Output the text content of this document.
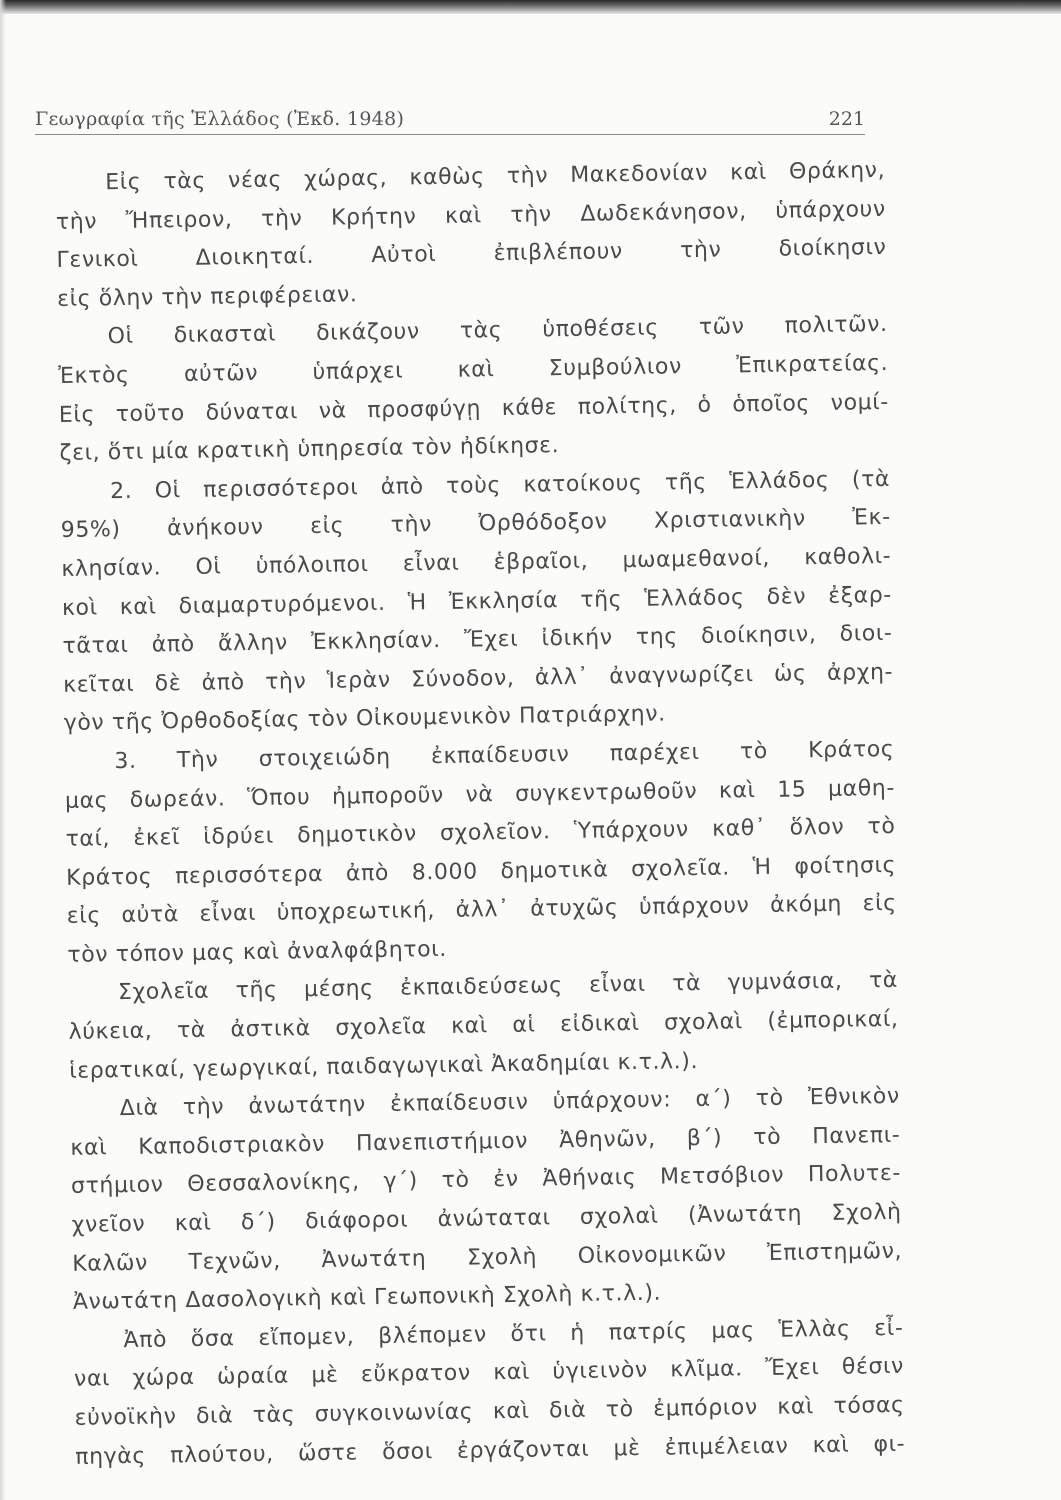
Γεωγραφία τῆς Ἑλλάδος (Ἐκδ. 1948)	221
Εἰς τὰς νέας χώρας, καθὼς τὴν Μακεδονίαν καὶ Θράκην,
τὴν Ἤπειρον, τὴν Κρήτην καὶ τὴν Δωδεκάνησον, ὑπάρχουν
Γενικοὶ Διοικηταί. Αὐτοὶ ἐπιβλέπουν τὴν διοίκησιν
εἰς ὅλην τὴν περιφέρειαν.
Οἱ δικασταὶ δικάζουν τὰς ὑποθέσεις τῶν πολιτῶν.
Ἐκτὸς αὐτῶν ὑπάρχει καὶ Συμβούλιον Ἐπικρατείας.
Εἰς τοῦτο δύναται νὰ προσφύγῃ κάθε πολίτης, ὁ ὁποῖος νομί-
ζει, ὅτι μία κρατικὴ ὑπηρεσία τὸν ἠδίκησε.
2. Οἱ περισσότεροι ἀπὸ τοὺς κατοίκους τῆς Ἑλλάδος (τὰ
95%) ἀνήκουν εἰς τὴν Ὀρθόδοξον Χριστιανικὴν Ἐκ-
κλησίαν. Οἱ ὑπόλοιποι εἶναι ἑβραῖοι, μωαμεθανοί, καθολι-
κοὶ καὶ διαμαρτυρόμενοι. Ἡ Ἐκκλησία τῆς Ἑλλάδος δὲν ἐξαρ-
τᾶται ἀπὸ ἄλλην Ἐκκλησίαν. Ἔχει ἰδικήν της διοίκησιν, διοι-
κεῖται δὲ ἀπὸ τὴν Ἱερὰν Σύνοδον, ἀλλ᾽ ἀναγνωρίζει ὡς ἀρχη-
γὸν τῆς Ὀρθοδοξίας τὸν Οἰκουμενικὸν Πατριάρχην.
3. Τὴν στοιχειώδη ἐκπαίδευσιν παρέχει τὸ Κράτος
μας δωρεάν. Ὅπου ἠμποροῦν νὰ συγκεντρωθοῦν καὶ 15 μαθη-
ταί, ἐκεῖ ἱδρύει δημοτικὸν σχολεῖον. Ὑπάρχουν καθ᾽ ὅλον τὸ
Κράτος περισσότερα ἀπὸ 8.000 δημοτικὰ σχολεῖα. Ἡ φοίτησις
εἰς αὐτὰ εἶναι ὑποχρεωτική, ἀλλ᾽ ἀτυχῶς ὑπάρχουν ἀκόμη εἰς
τὸν τόπον μας καὶ ἀναλφάβητοι.
Σχολεῖα τῆς μέσης ἐκπαιδεύσεως εἶναι τὰ γυμνάσια, τὰ
λύκεια, τὰ ἀστικὰ σχολεῖα καὶ αἱ εἰδικαὶ σχολαὶ (ἐμπορικαί,
ἱερατικαί, γεωργικαί, παιδαγωγικαὶ Ἀκαδημίαι κ.τ.λ.).
Διὰ τὴν ἀνωτάτην ἐκπαίδευσιν ὑπάρχουν: α΄) τὸ Ἐθνικὸν
καὶ Καποδιστριακὸν Πανεπιστήμιον Ἀθηνῶν, β΄) τὸ Πανεπι-
στήμιον Θεσσαλονίκης, γ΄) τὸ ἐν Ἀθήναις Μετσόβιον Πολυτε-
χνεῖον καὶ δ΄) διάφοροι ἀνώταται σχολαὶ (Ἀνωτάτη Σχολὴ
Καλῶν Τεχνῶν, Ἀνωτάτη Σχολὴ Οἰκονομικῶν Ἐπιστημῶν,
Ἀνωτάτη Δασολογικὴ καὶ Γεωπονικὴ Σχολὴ κ.τ.λ.).
Ἀπὸ ὅσα εἴπομεν, βλέπομεν ὅτι ἡ πατρίς μας Ἑλλὰς εἶ-
ναι χώρα ὡραία μὲ εὔκρατον καὶ ὑγιεινὸν κλῖμα. Ἔχει θέσιν
εὐνοϊκὴν διὰ τὰς συγκοινωνίας καὶ διὰ τὸ ἐμπόριον καὶ τόσας
πηγὰς πλούτου, ὥστε ὅσοι ἐργάζονται μὲ ἐπιμέλειαν καὶ φι-
